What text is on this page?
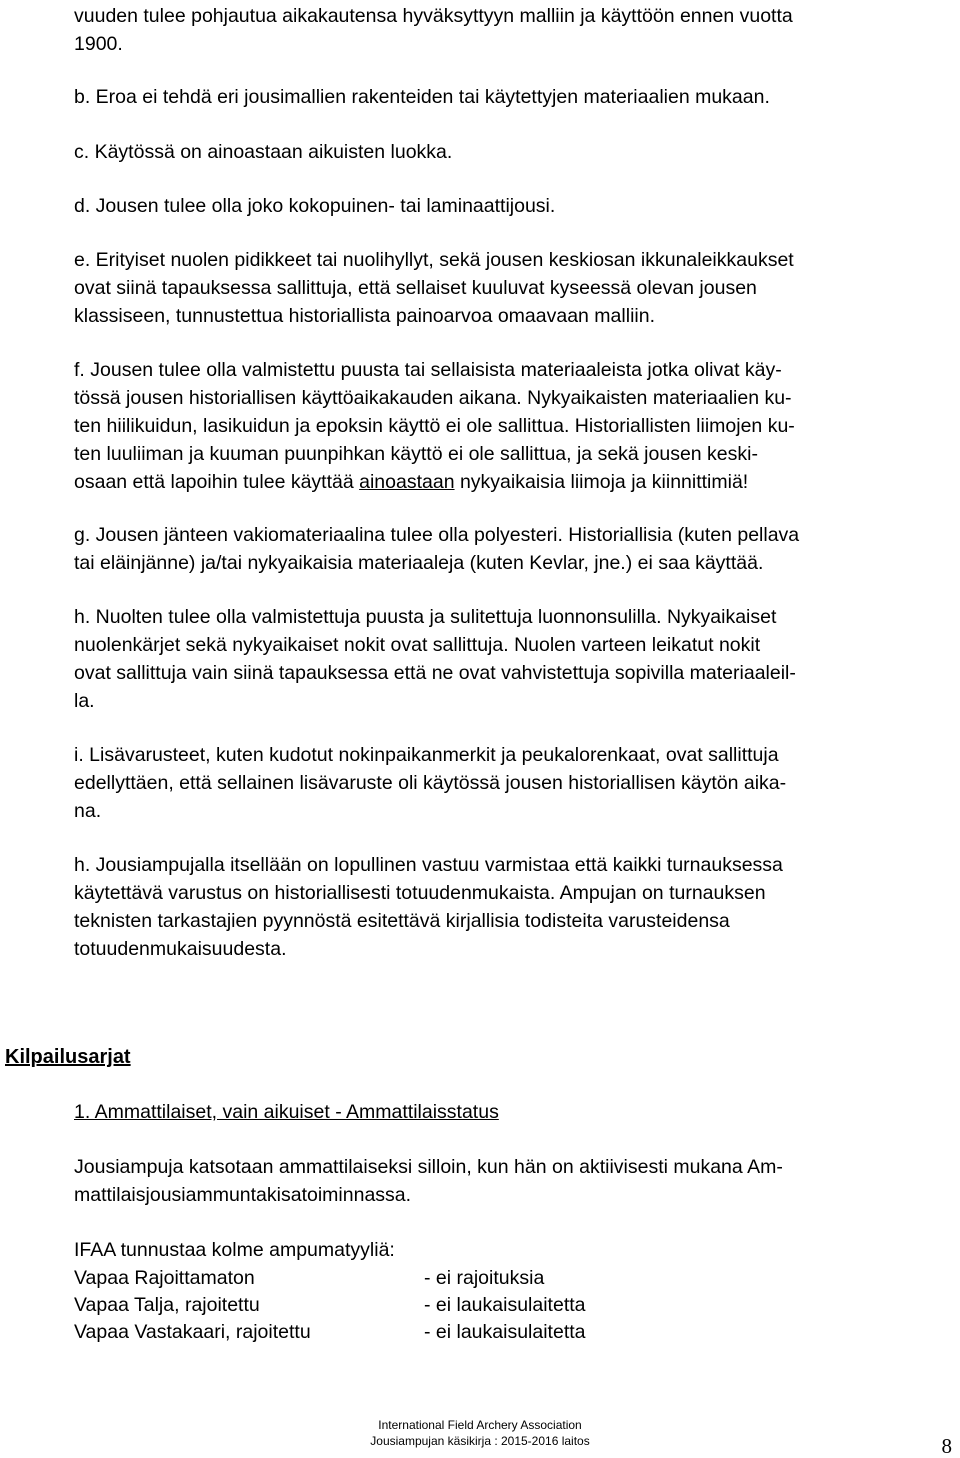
vuuden tulee pohjautua aikakautensa hyväksyttyyn malliin ja käyttöön ennen vuotta

1900.

b. Eroa ei tehdä eri jousimallien rakenteiden tai käytettyjen materiaalien mukaan.

c. Käytössä on ainoastaan aikuisten luokka.

d. Jousen tulee olla joko kokopuinen- tai laminaattijousi.

e. Erityiset nuolen pidikkeet tai nuolihyllyt, sekä jousen keskiosan ikkunaleikkaukset

ovat siinä tapauksessa sallittuja, että sellaiset kuuluvat kyseessä olevan jousen

klassiseen, tunnustettua historiallista painoarvoa omaavaan malliin.

f. Jousen tulee olla valmistettu puusta tai sellaisista materiaaleista jotka olivat käy-

tössä jousen historiallisen käyttöaikakauden aikana. Nykyaikaisten materiaalien ku-

ten hiilikuidun, lasikuidun ja epoksin käyttö ei ole sallittua. Historiallisten liimojen ku-

ten luuliiman ja kuuman puunpihkan käyttö ei ole sallittua, ja sekä jousen keski-

osaan että lapoihin tulee käyttää ainoastaan nykyaikaisia liimoja ja kiinnittimiä!

g. Jousen jänteen vakiomateriaalina tulee olla polyesteri. Historiallisia (kuten pellava

tai eläinjänne) ja/tai nykyaikaisia materiaaleja (kuten Kevlar, jne.) ei saa käyttää.

h. Nuolten tulee olla valmistettuja puusta ja sulitettuja luonnonsulilla. Nykyaikaiset

nuolenkärjet sekä nykyaikaiset nokit ovat sallittuja. Nuolen varteen leikatut nokit

ovat sallittuja vain siinä tapauksessa että ne ovat vahvistettuja sopivilla materiaaleil-

la.

i. Lisävarusteet, kuten kudotut nokinpaikanmerkit ja peukalorenkaat, ovat sallittuja

edellyttäen, että sellainen lisävaruste oli käytössä jousen historiallisen käytön aika-

na.

h. Jousiampujalla itsellään on lopullinen vastuu varmistaa että kaikki turnauksessa

käytettävä varustus on historiallisesti totuudenmukaista. Ampujan on turnauksen

teknisten tarkastajien pyynnöstä esitettävä kirjallisia todisteita varusteidensa

totuudenmukaisuudesta.

Kilpailusarjat

1. Ammattilaiset, vain aikuiset - Ammattilaisstatus

Jousiampuja katsotaan ammattilaiseksi silloin, kun hän on aktiivisesti mukana Am-

mattilaisjousiammuntakisatoiminnassa.

IFAA tunnustaa kolme ampumatyyliä:

Vapaa Rajoittamaton	- ei rajoituksia
Vapaa Talja, rajoitettu	- ei laukaisulaitetta
Vapaa Vastakaari, rajoitettu	- ei laukaisulaitetta
International Field Archery Association
Jousiampujan käsikirja : 2015-2016 laitos	8
